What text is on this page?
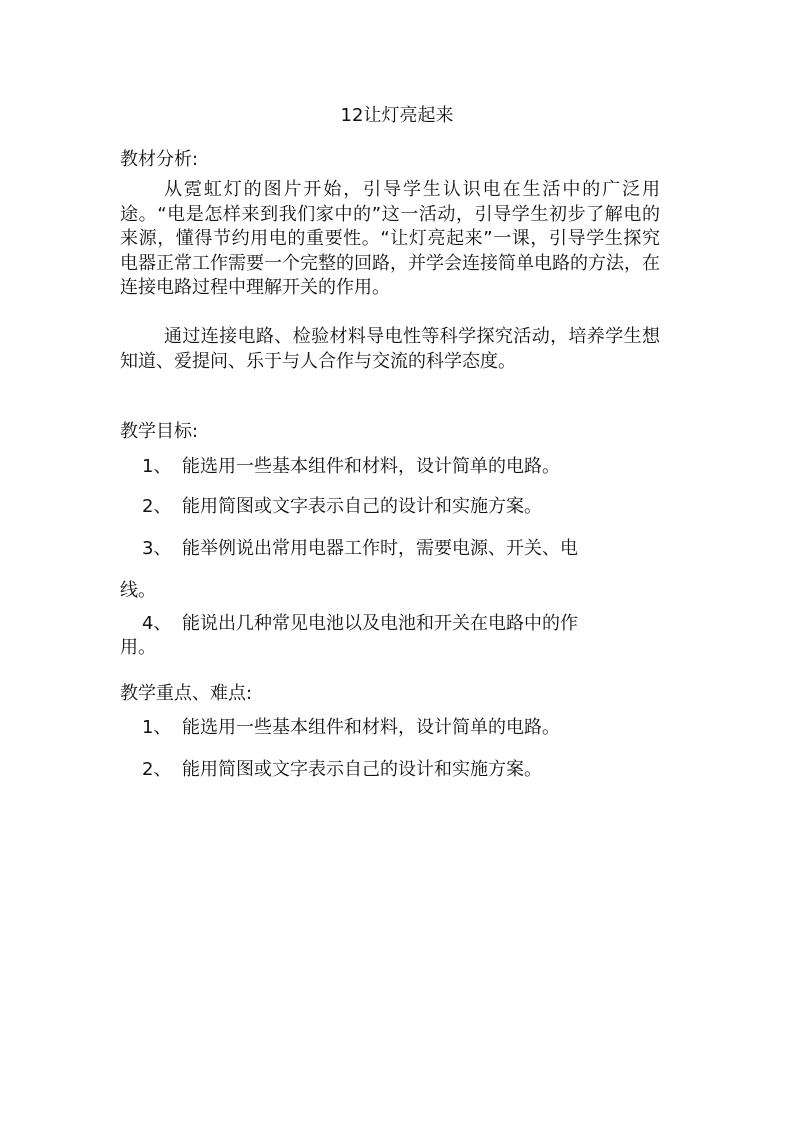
12让灯亮起来
教材分析:

从霓虹灯的图片开始，引导学生认识电在生活中的广泛用途。“电是怎样来到我们家中的”这一活动，引导学生初步了解电的来源，懂得节约用电的重要性。“让灯亮起来”一课，引导学生探究电器正常工作需要一个完整的回路，并学会连接简单电路的方法，在连接电路过程中理解开关的作用。

通过连接电路、检验材料导电性等科学探究活动，培养学生想知道、爱提问、乐于与人合作与交流的科学态度。

教学目标:
1、 能选用一些基本组件和材料，设计简单的电路。
2、 能用简图或文字表示自己的设计和实施方案。
3、 能举例说出常用电器工作时，需要电源、开关、电
线。
4、 能说出几种常见电池以及电池和开关在电路中的作
用。
教学重点、难点:
1、 能选用一些基本组件和材料，设计简单的电路。
2、 能用简图或文字表示自己的设计和实施方案。
